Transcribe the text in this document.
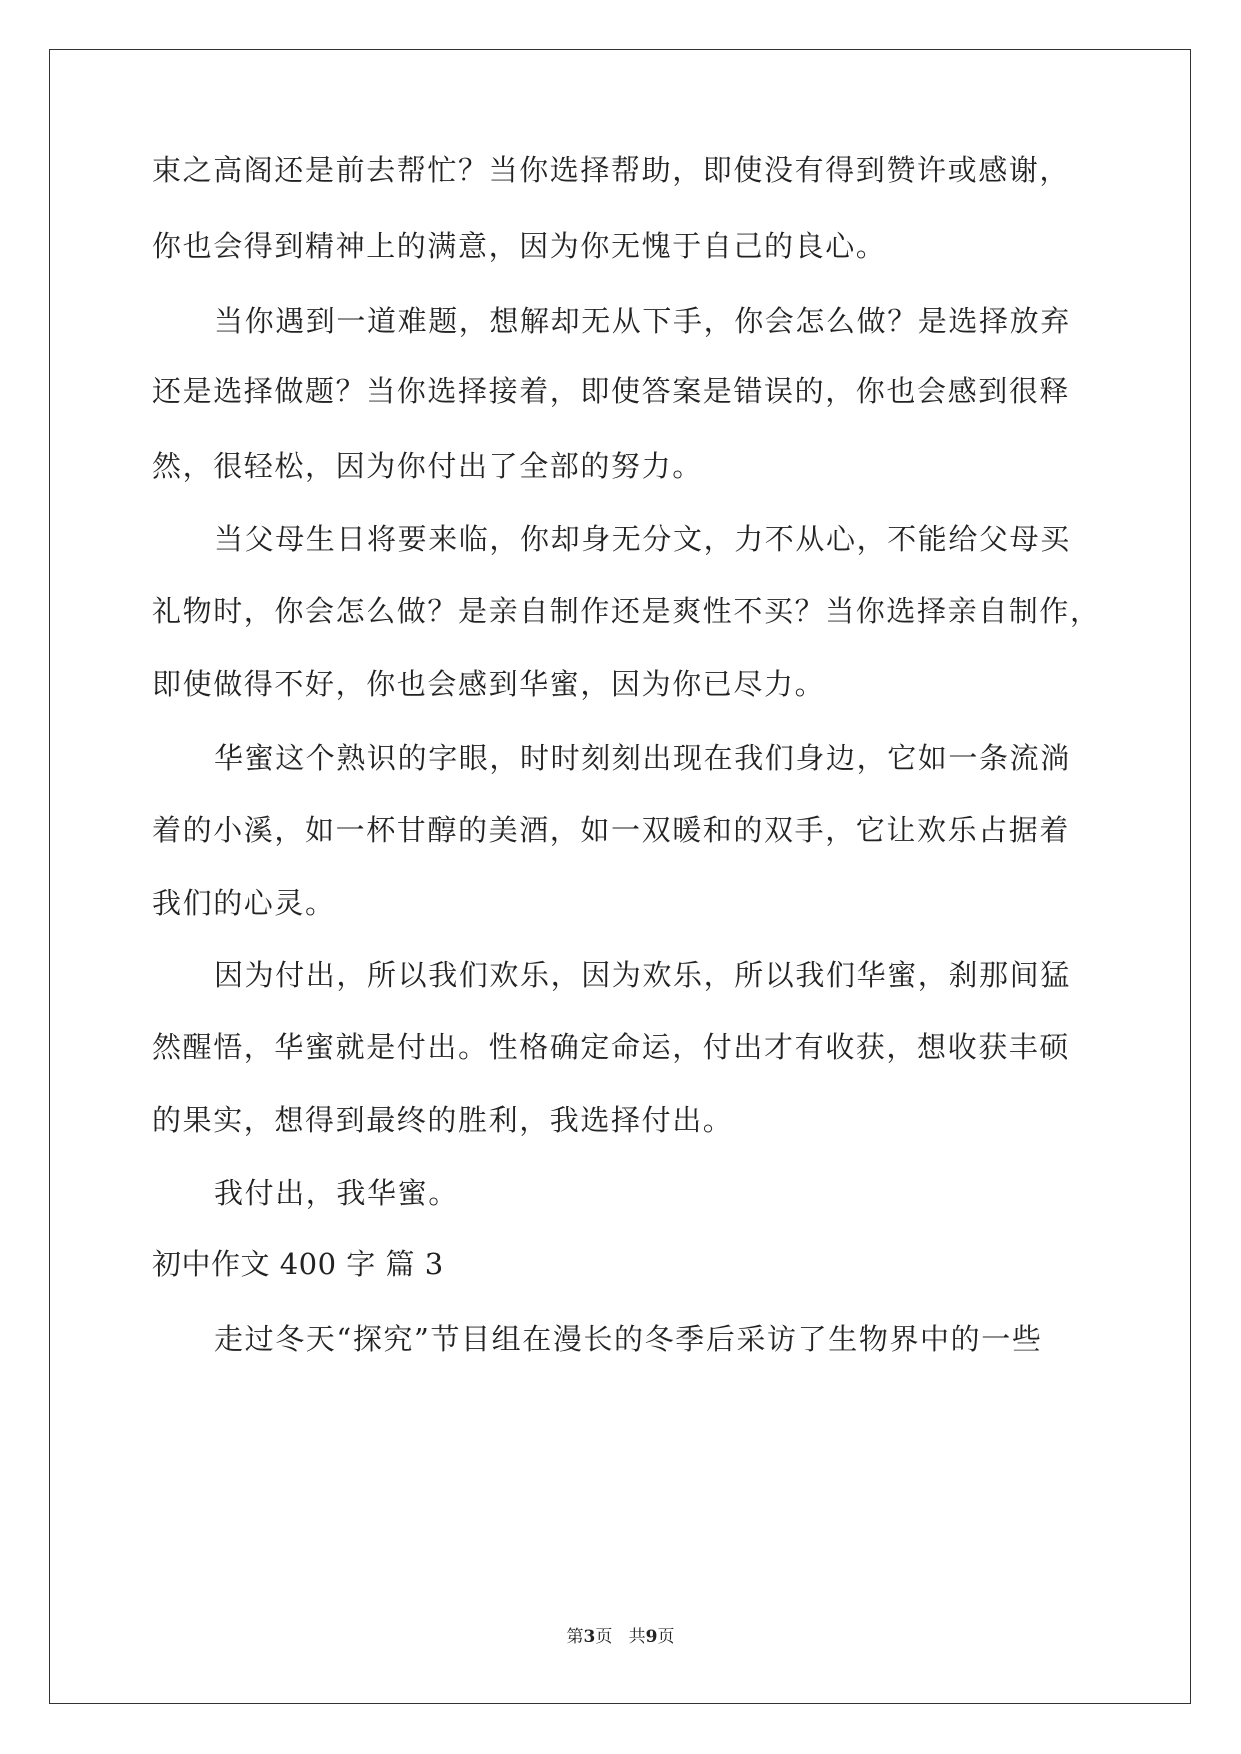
束之高阁还是前去帮忙？当你选择帮助，即使没有得到赞许或感谢，
你也会得到精神上的满意，因为你无愧于自己的良心。
当你遇到一道难题，想解却无从下手，你会怎么做？是选择放弃
还是选择做题？当你选择接着，即使答案是错误的，你也会感到很释
然，很轻松，因为你付出了全部的努力。
当父母生日将要来临，你却身无分文，力不从心，不能给父母买
礼物时，你会怎么做？是亲自制作还是爽性不买？当你选择亲自制作，
即使做得不好，你也会感到华蜜，因为你已尽力。
华蜜这个熟识的字眼，时时刻刻出现在我们身边，它如一条流淌
着的小溪，如一杯甘醇的美酒，如一双暖和的双手，它让欢乐占据着
我们的心灵。
因为付出，所以我们欢乐，因为欢乐，所以我们华蜜，刹那间猛
然醒悟，华蜜就是付出。性格确定命运，付出才有收获，想收获丰硕
的果实，想得到最终的胜利，我选择付出。
我付出，我华蜜。
初中作文 400 字 篇 3
走过冬天“探究”节目组在漫长的冬季后采访了生物界中的一些
第3页 共9页
